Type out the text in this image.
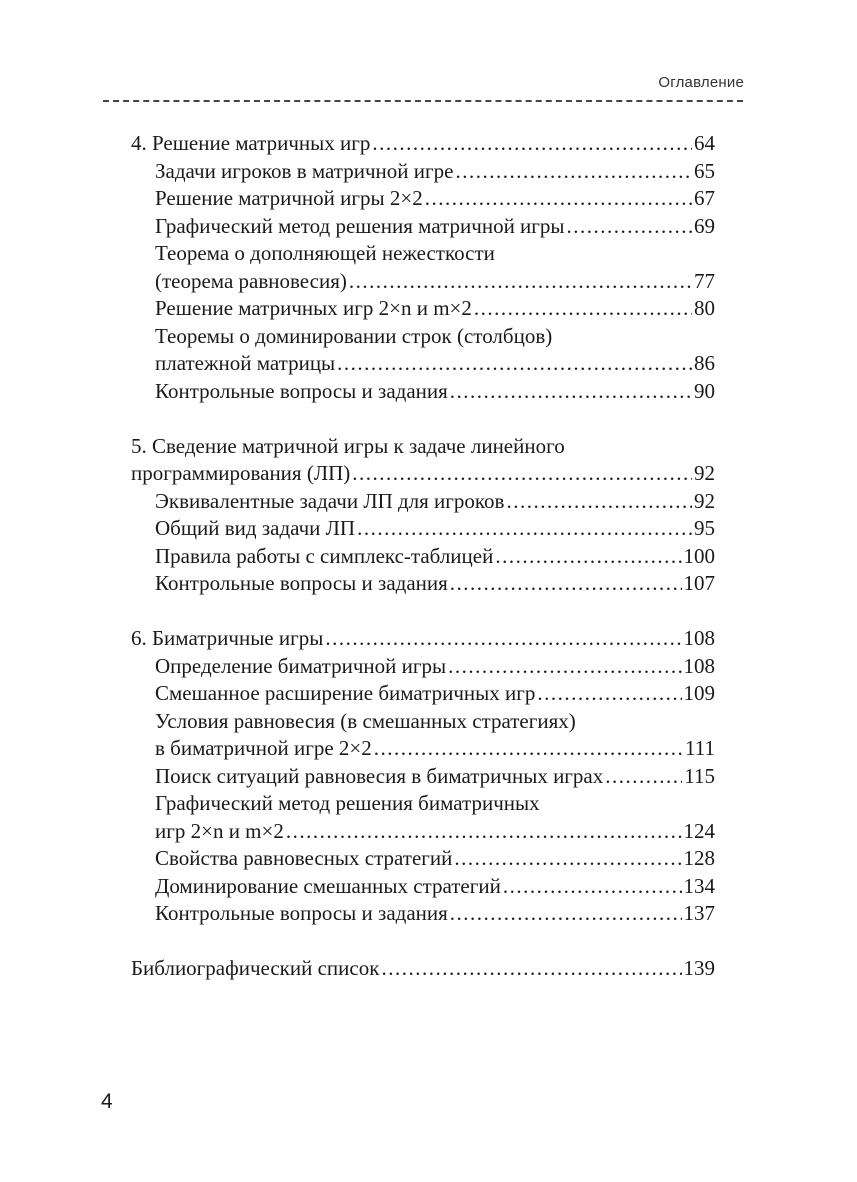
Оглавление
4. Решение матричных игр .....	64
Задачи игроков в матричной игре .....	65
Решение матричной игры 2×2 .....	67
Графический метод решения матричной игры .....	69
Теорема о дополняющей нежесткости
(теорема равновесия) .....	77
Решение матричных игр 2×n и m×2 .....	80
Теоремы о доминировании строк (столбцов)
платежной матрицы .....	86
Контрольные вопросы и задания .....	90
5. Сведение матричной игры к задаче линейного
программирования (ЛП) .....	92
Эквивалентные задачи ЛП для игроков .....	92
Общий вид задачи ЛП .....	95
Правила работы с симплекс-таблицей .....	100
Контрольные вопросы и задания .....	107
6. Биматричные игры .....	108
Определение биматричной игры .....	108
Смешанное расширение биматричных игр .....	109
Условия равновесия (в смешанных стратегиях)
в биматричной игре 2×2 .....	111
Поиск ситуаций равновесия в биматричных играх .....	115
Графический метод решения биматричных
игр 2×n и m×2 .....	124
Свойства равновесных стратегий .....	128
Доминирование смешанных стратегий .....	134
Контрольные вопросы и задания .....	137
Библиографический список .....	139
4
